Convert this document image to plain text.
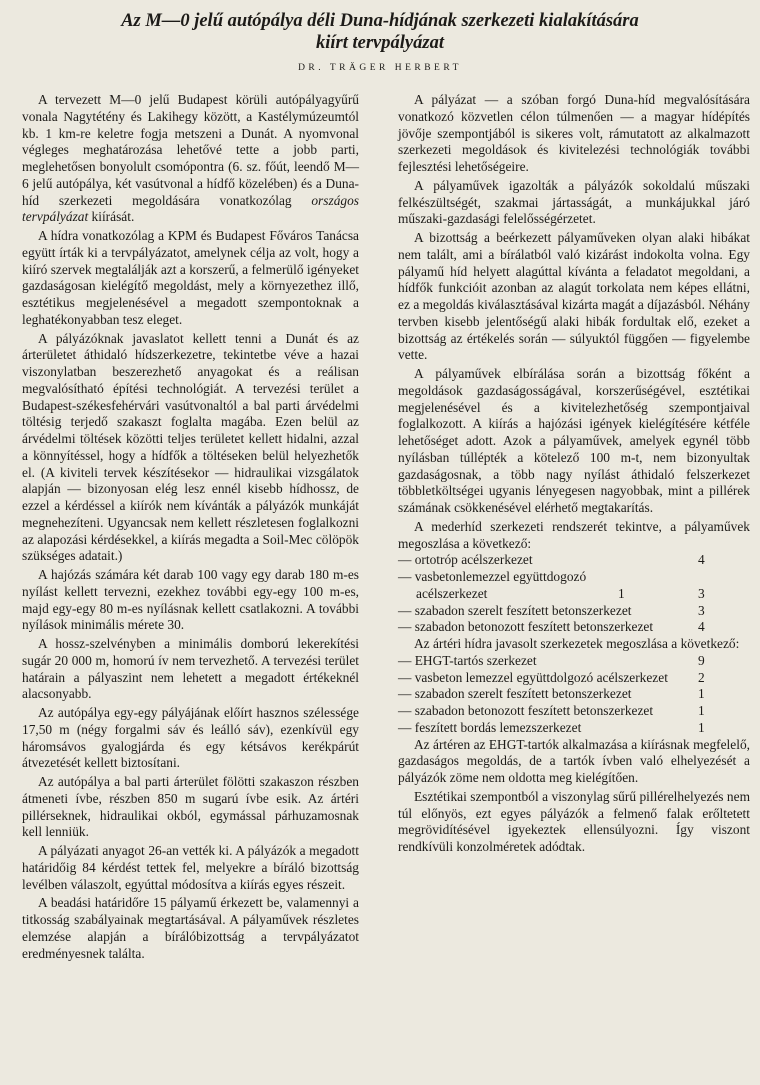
Az M—0 jelű autópálya déli Duna-hídjának szerkezeti kialakítására
kiírt tervpályázat
DR. TRÄGER HERBERT

A tervezett M—0 jelű Budapest körüli autópályagyűrű vonala Nagytétény és Lakihegy között, a Kastélymúzeumtól kb. 1 km-re keletre fogja metszeni a Dunát. A nyomvonal végleges meghatározása lehetővé tette a jobb parti, meglehetősen bonyolult csomópontra (6. sz. főút, leendő M—6 jelű autópálya, két vasútvonal a hídfő közelében) és a Duna-híd szerkezeti megoldására vonatkozólag országos tervpályázat kiírását.

A hídra vonatkozólag a KPM és Budapest Főváros Tanácsa együtt írták ki a tervpályázatot, amelynek célja az volt, hogy a kiíró szervek megtalálják azt a korszerű, a felmerülő igényeket gazdaságosan kielégítő megoldást, mely a környezethez illő, esztétikus megjelenésével a megadott szempontoknak a leghatékonyabban tesz eleget.

A pályázóknak javaslatot kellett tenni a Dunát és az árterületet áthidaló hídszerkezetre, tekintetbe véve a hazai viszonylatban beszerezhető anyagokat és a reálisan megvalósítható építési technológiát. A tervezési terület a Budapest-székesfehérvári vasútvonaltól a bal parti árvédelmi töltésig terjedő szakaszt foglalta magába. Ezen belül az árvédelmi töltések közötti teljes területet kellett hidalni, azzal a könnyítéssel, hogy a hídfők a töltéseken belül helyezhetők el. (A kiviteli tervek készítésekor — hidraulikai vizsgálatok alapján — bizonyosan elég lesz ennél kisebb hídhossz, de ezzel a kérdéssel a kiírók nem kívánták a pályázók munkáját megnehezíteni. Ugyancsak nem kellett részletesen foglalkozni az alapozási kérdésekkel, a kiírás megadta a Soil-Mec cölöpök szükséges adatait.)

A hajózás számára két darab 100 vagy egy darab 180 m-es nyílást kellett tervezni, ezekhez további egy-egy 100 m-es, majd egy-egy 80 m-es nyílásnak kellett csatlakozni. A további nyílások minimális mérete 30.

A hossz-szelvényben a minimális domború lekerekítési sugár 20 000 m, homorú ív nem tervezhető. A tervezési terület határain a pályaszint nem lehetett a megadott értékeknél alacsonyabb.

Az autópálya egy-egy pályájának előírt hasznos szélessége 17,50 m (négy forgalmi sáv és leálló sáv), ezenkívül egy háromsávos gyalogjárda és egy kétsávos kerékpárút átvezetését kellett biztosítani.

Az autópálya a bal parti árterület fölötti szakaszon részben átmeneti ívbe, részben 850 m sugarú ívbe esik. Az ártéri pillérseknek, hidraulikai okból, egymással párhuzamosnak kell lenniük.

A pályázati anyagot 26-an vették ki. A pályázók a megadott határidőig 84 kérdést tettek fel, melyekre a bíráló bizottság levélben válaszolt, egyúttal módosítva a kiírás egyes részeit.

A beadási határidőre 15 pályamű érkezett be, valamennyi a titkosság szabályainak megtartásával. A pályaművek részletes elemzése alapján a bírálóbizottság a tervpályázatot eredményesnek találta.

A pályázat — a szóban forgó Duna-híd megvalósítására vonatkozó közvetlen célon túlmenően — a magyar hídépítés jövője szempontjából is sikeres volt, rámutatott az alkalmazott szerkezeti megoldások és kivitelezési technológiák további fejlesztési lehetőségeire.

A pályaművek igazolták a pályázók sokoldalú műszaki felkészültségét, szakmai jártasságát, a munkájukkal járó műszaki-gazdasági felelősségérzetet.

A bizottság a beérkezett pályaműveken olyan alaki hibákat nem talált, ami a bírálatból való kizárást indokolta volna. Egy pályamű híd helyett alagúttal kívánta a feladatot megoldani, a hídfők funkcióit azonban az alagút torkolata nem képes ellátni, ez a megoldás kiválasztásával kizárta magát a díjazásból. Néhány tervben kisebb jelentőségű alaki hibák fordultak elő, ezeket a bizottság az értékelés során — súlyuktól függően — figyelembe vette.

A pályaművek elbírálása során a bizottság főként a megoldások gazdaságosságával, korszerűségével, esztétikai megjelenésével és a kivitelezhetőség szempontjaival foglalkozott. A kiírás a hajózási igények kielégítésére kétféle lehetőséget adott. Azok a pályaművek, amelyek egynél több nyílásban túllépték a kötelező 100 m-t, nem bizonyultak gazdaságosnak, a több nagy nyílást áthidaló felszerkezet többletköltségei ugyanis lényegesen nagyobbak, mint a pillérek számának csökkenésével elérhető megtakarítás.

A mederhíd szerkezeti rendszerét tekintve, a pályaművek megoszlása a következő:

— ortotróp acélszerkezet	4
— vasbetonlemezzel együttdogozó acélszerkezet	1	3
— szabadon szerelt feszített betonszerkezet	3
— szabadon betonozott feszített betonszerkezet	4

Az ártéri hídra javasolt szerkezetek megoszlása a következő:

— EHGT-tartós szerkezet	9
— vasbeton lemezzel együttdolgozó acélszerkezet	2
— szabadon szerelt feszített betonszerkezet	1
— szabadon betonozott feszített betonszerkezet	1
— feszített bordás lemezszerkezet	1

Az ártéren az EHGT-tartók alkalmazása a kiírásnak megfelelő, gazdaságos megoldás, de a tartók ívben való elhelyezését a pályázók zöme nem oldotta meg kielégítően.

Esztétikai szempontból a viszonylag sűrű pillérelhelyezés nem túl előnyös, ezt egyes pályázók a felmenő falak erőltetett megrövidítésével igyekeztek ellensúlyozni. Így viszont rendkívüli konzolméretek adódtak.
